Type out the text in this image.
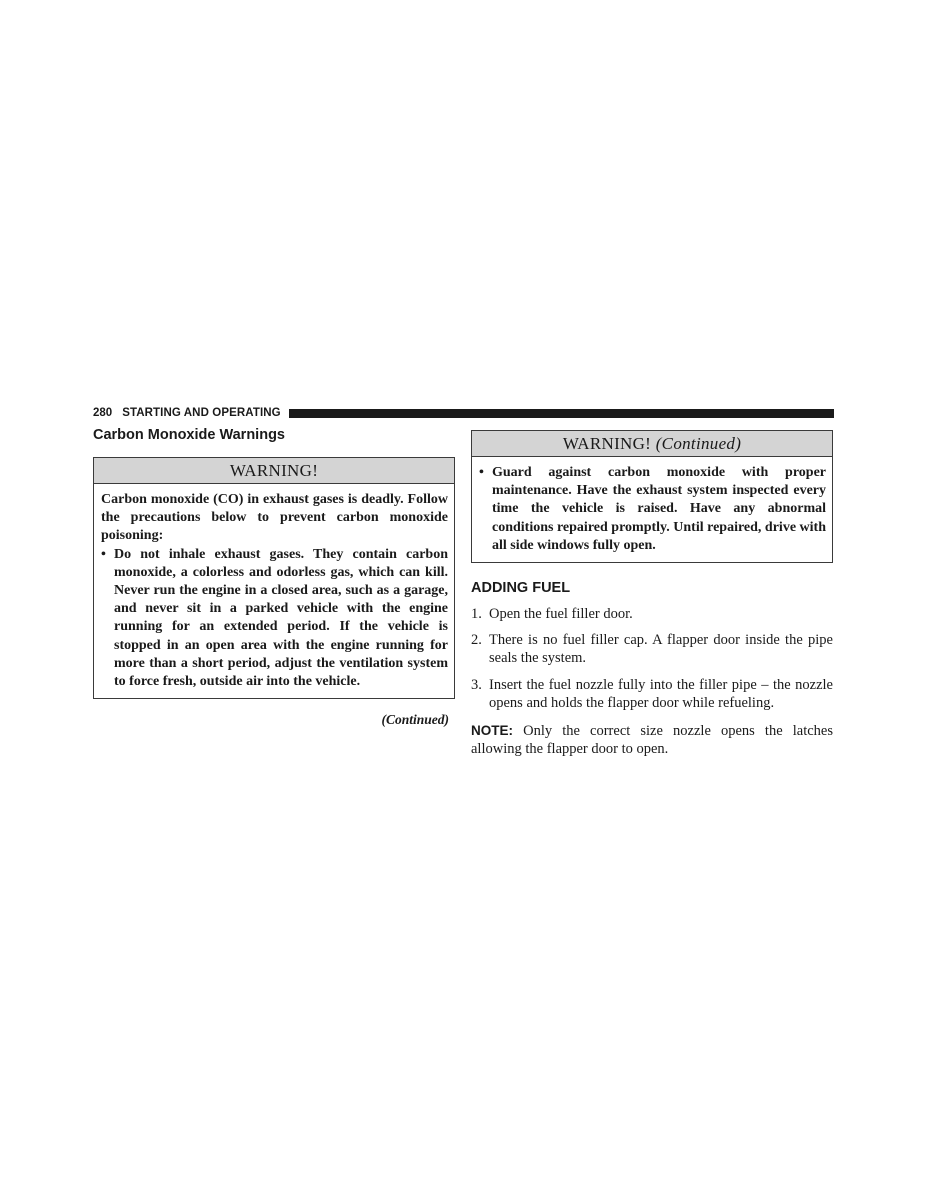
280 STARTING AND OPERATING
Carbon Monoxide Warnings
WARNING!

Carbon monoxide (CO) in exhaust gases is deadly. Follow the precautions below to prevent carbon monoxide poisoning:

• Do not inhale exhaust gases. They contain carbon monoxide, a colorless and odorless gas, which can kill. Never run the engine in a closed area, such as a garage, and never sit in a parked vehicle with the engine running for an extended period. If the vehicle is stopped in an open area with the engine running for more than a short period, adjust the ventilation system to force fresh, outside air into the vehicle.
(Continued)
WARNING! (Continued)
• Guard against carbon monoxide with proper maintenance. Have the exhaust system inspected every time the vehicle is raised. Have any abnormal conditions repaired promptly. Until repaired, drive with all side windows fully open.
ADDING FUEL
1. Open the fuel filler door.
2. There is no fuel filler cap. A flapper door inside the pipe seals the system.
3. Insert the fuel nozzle fully into the filler pipe – the nozzle opens and holds the flapper door while refueling.

NOTE: Only the correct size nozzle opens the latches allowing the flapper door to open.
